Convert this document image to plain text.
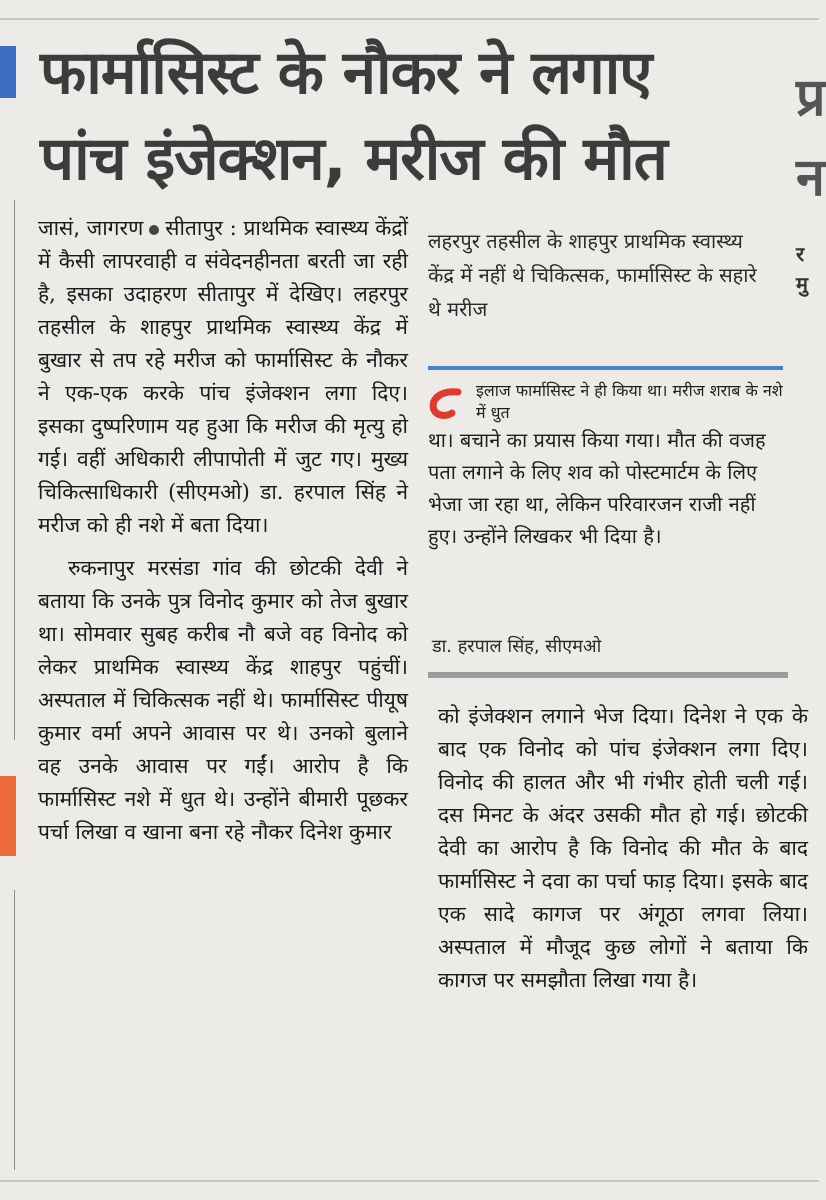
प्र
न
र
मु
फार्मासिस्ट के नौकर ने लगाए
पांच इंजेक्शन, मरीज की मौत

जासं, जागरण सीतापुर : प्राथमिक स्वास्थ्य केंद्रों में कैसी लापरवाही व संवेदनहीनता बरती जा रही है, इसका उदाहरण सीतापुर में देखिए। लहरपुर तहसील के शाहपुर प्राथमिक स्वास्थ्य केंद्र में बुखार से तप रहे मरीज को फार्मासिस्ट के नौकर ने एक-एक करके पांच इंजेक्शन लगा दिए। इसका दुष्परिणाम यह हुआ कि मरीज की मृत्यु हो गई। वहीं अधिकारी लीपापोती में जुट गए। मुख्य चिकित्साधिकारी (सीएमओ) डा. हरपाल सिंह ने मरीज को ही नशे में बता दिया।

रुकनापुर मरसंडा गांव की छोटकी देवी ने बताया कि उनके पुत्र विनोद कुमार को तेज बुखार था। सोमवार सुबह करीब नौ बजे वह विनोद को लेकर प्राथमिक स्वास्थ्य केंद्र शाहपुर पहुंचीं। अस्पताल में चिकित्सक नहीं थे। फार्मासिस्ट पीयूष कुमार वर्मा अपने आवास पर थे। उनको बुलाने वह उनके आवास पर गईं। आरोप है कि फार्मासिस्ट नशे में धुत थे। उन्होंने बीमारी पूछकर पर्चा लिखा व खाना बना रहे नौकर दिनेश कुमार

लहरपुर तहसील के शाहपुर प्राथमिक स्वास्थ्य केंद्र में नहीं थे चिकित्सक, फार्मासिस्ट के सहारे थे मरीज

इलाज फार्मासिस्ट ने ही किया था। मरीज शराब के नशे में धुत
था। बचाने का प्रयास किया गया। मौत की वजह पता लगाने के लिए शव को पोस्टमार्टम के लिए भेजा जा रहा था, लेकिन परिवारजन राजी नहीं हुए। उन्होंने लिखकर भी दिया है।

डा. हरपाल सिंह, सीएमओ

को इंजेक्शन लगाने भेज दिया। दिनेश ने एक के बाद एक विनोद को पांच इंजेक्शन लगा दिए। विनोद की हालत और भी गंभीर होती चली गई। दस मिनट के अंदर उसकी मौत हो गई। छोटकी देवी का आरोप है कि विनोद की मौत के बाद फार्मासिस्ट ने दवा का पर्चा फाड़ दिया। इसके बाद एक सादे कागज पर अंगूठा लगवा लिया। अस्पताल में मौजूद कुछ लोगों ने बताया कि कागज पर समझौता लिखा गया है।
